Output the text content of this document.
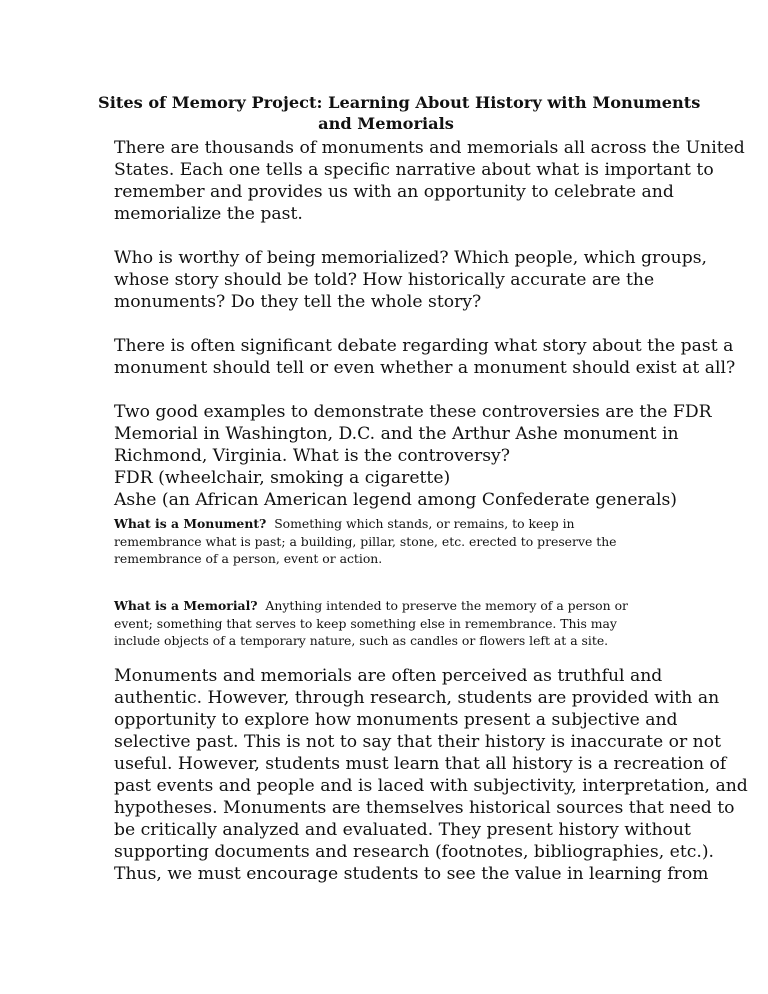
Sites of Memory Project: Learning About History with Monuments
and Memorials
There are thousands of monuments and memorials all across the United
States. Each one tells a specific narrative about what is important to
remember and provides us with an opportunity to celebrate and
memorialize the past.
Who is worthy of being memorialized? Which people, which groups,
whose story should be told? How historically accurate are the
monuments? Do they tell the whole story?
There is often significant debate regarding what story about the past a
monument should tell or even whether a monument should exist at all?
Two good examples to demonstrate these controversies are the FDR
Memorial in Washington, D.C. and the Arthur Ashe monument in
Richmond, Virginia. What is the controversy?
FDR (wheelchair, smoking a cigarette)
Ashe (an African American legend among Confederate generals)
What is a Monument?  Something which stands, or remains, to keep in
remembrance what is past; a building, pillar, stone, etc. erected to preserve the
remembrance of a person, event or action.
What is a Memorial?  Anything intended to preserve the memory of a person or
event; something that serves to keep something else in remembrance. This may
include objects of a temporary nature, such as candles or flowers left at a site.
Monuments and memorials are often perceived as truthful and
authentic. However, through research, students are provided with an
opportunity to explore how monuments present a subjective and
selective past. This is not to say that their history is inaccurate or not
useful. However, students must learn that all history is a recreation of
past events and people and is laced with subjectivity, interpretation, and
hypotheses. Monuments are themselves historical sources that need to
be critically analyzed and evaluated. They present history without
supporting documents and research (footnotes, bibliographies, etc.).
Thus, we must encourage students to see the value in learning from
